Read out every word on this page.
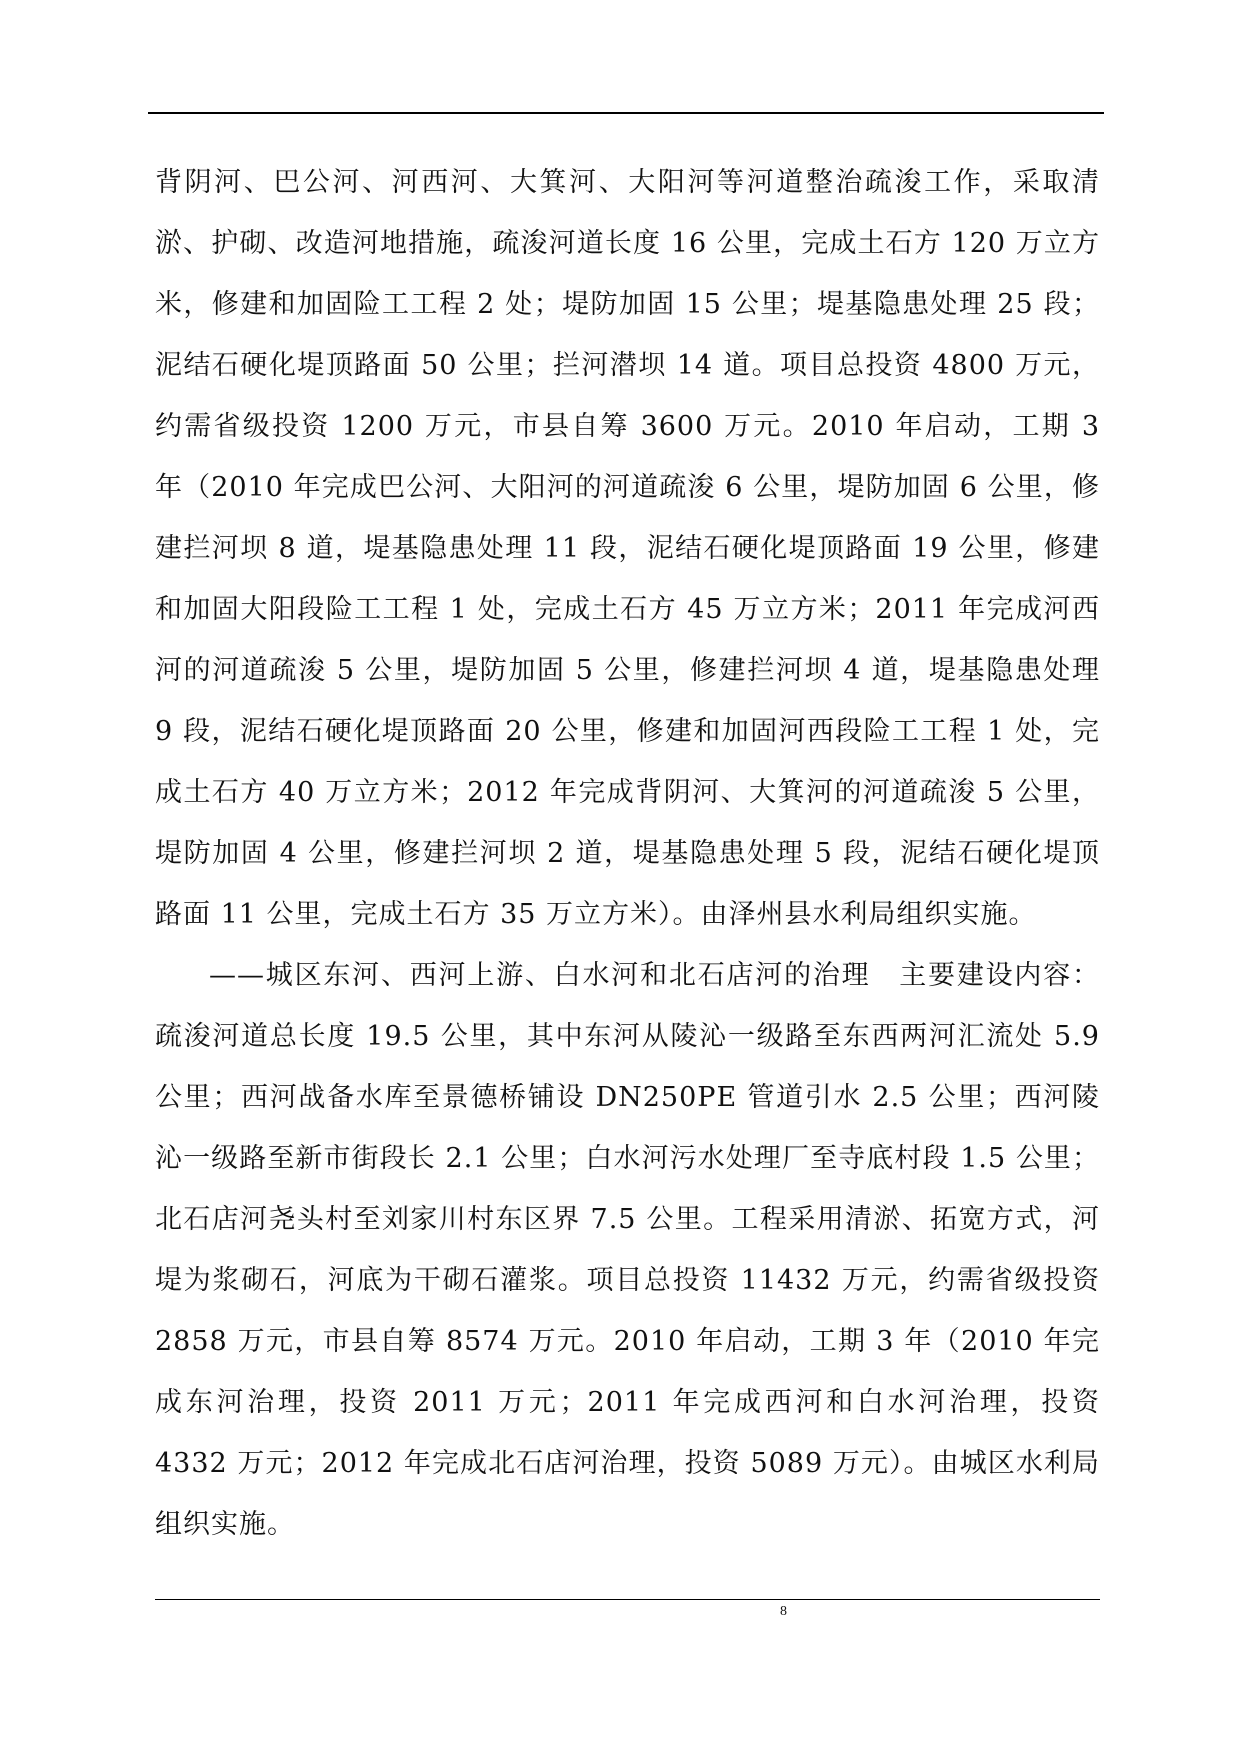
背阴河、巴公河、河西河、大箕河、大阳河等河道整治疏浚工作，采取清淤、护砌、改造河地措施，疏浚河道长度 16 公里，完成土石方 120 万立方米，修建和加固险工工程 2 处；堤防加固 15 公里；堤基隐患处理 25 段；泥结石硬化堤顶路面 50 公里；拦河潜坝 14 道。项目总投资 4800 万元，约需省级投资 1200 万元，市县自筹 3600 万元。2010 年启动，工期 3 年（2010 年完成巴公河、大阳河的河道疏浚 6 公里，堤防加固 6 公里，修建拦河坝 8 道，堤基隐患处理 11 段，泥结石硬化堤顶路面 19 公里，修建和加固大阳段险工工程 1 处，完成土石方 45 万立方米；2011 年完成河西河的河道疏浚 5 公里，堤防加固 5 公里，修建拦河坝 4 道，堤基隐患处理 9 段，泥结石硬化堤顶路面 20 公里，修建和加固河西段险工工程 1 处，完成土石方 40 万立方米；2012 年完成背阴河、大箕河的河道疏浚 5 公里，堤防加固 4 公里，修建拦河坝 2 道，堤基隐患处理 5 段，泥结石硬化堤顶路面 11 公里，完成土石方 35 万立方米）。由泽州县水利局组织实施。

——城区东河、西河上游、白水河和北石店河的治理　主要建设内容：疏浚河道总长度 19.5 公里，其中东河从陵沁一级路至东西两河汇流处 5.9 公里；西河战备水库至景德桥铺设 DN250PE 管道引水 2.5 公里；西河陵沁一级路至新市街段长 2.1 公里；白水河污水处理厂至寺底村段 1.5 公里；北石店河尧头村至刘家川村东区界 7.5 公里。工程采用清淤、拓宽方式，河堤为浆砌石，河底为干砌石灌浆。项目总投资 11432 万元，约需省级投资 2858 万元，市县自筹 8574 万元。2010 年启动，工期 3 年（2010 年完成东河治理，投资 2011 万元；2011 年完成西河和白水河治理，投资 4332 万元；2012 年完成北石店河治理，投资 5089 万元）。由城区水利局组织实施。

8
